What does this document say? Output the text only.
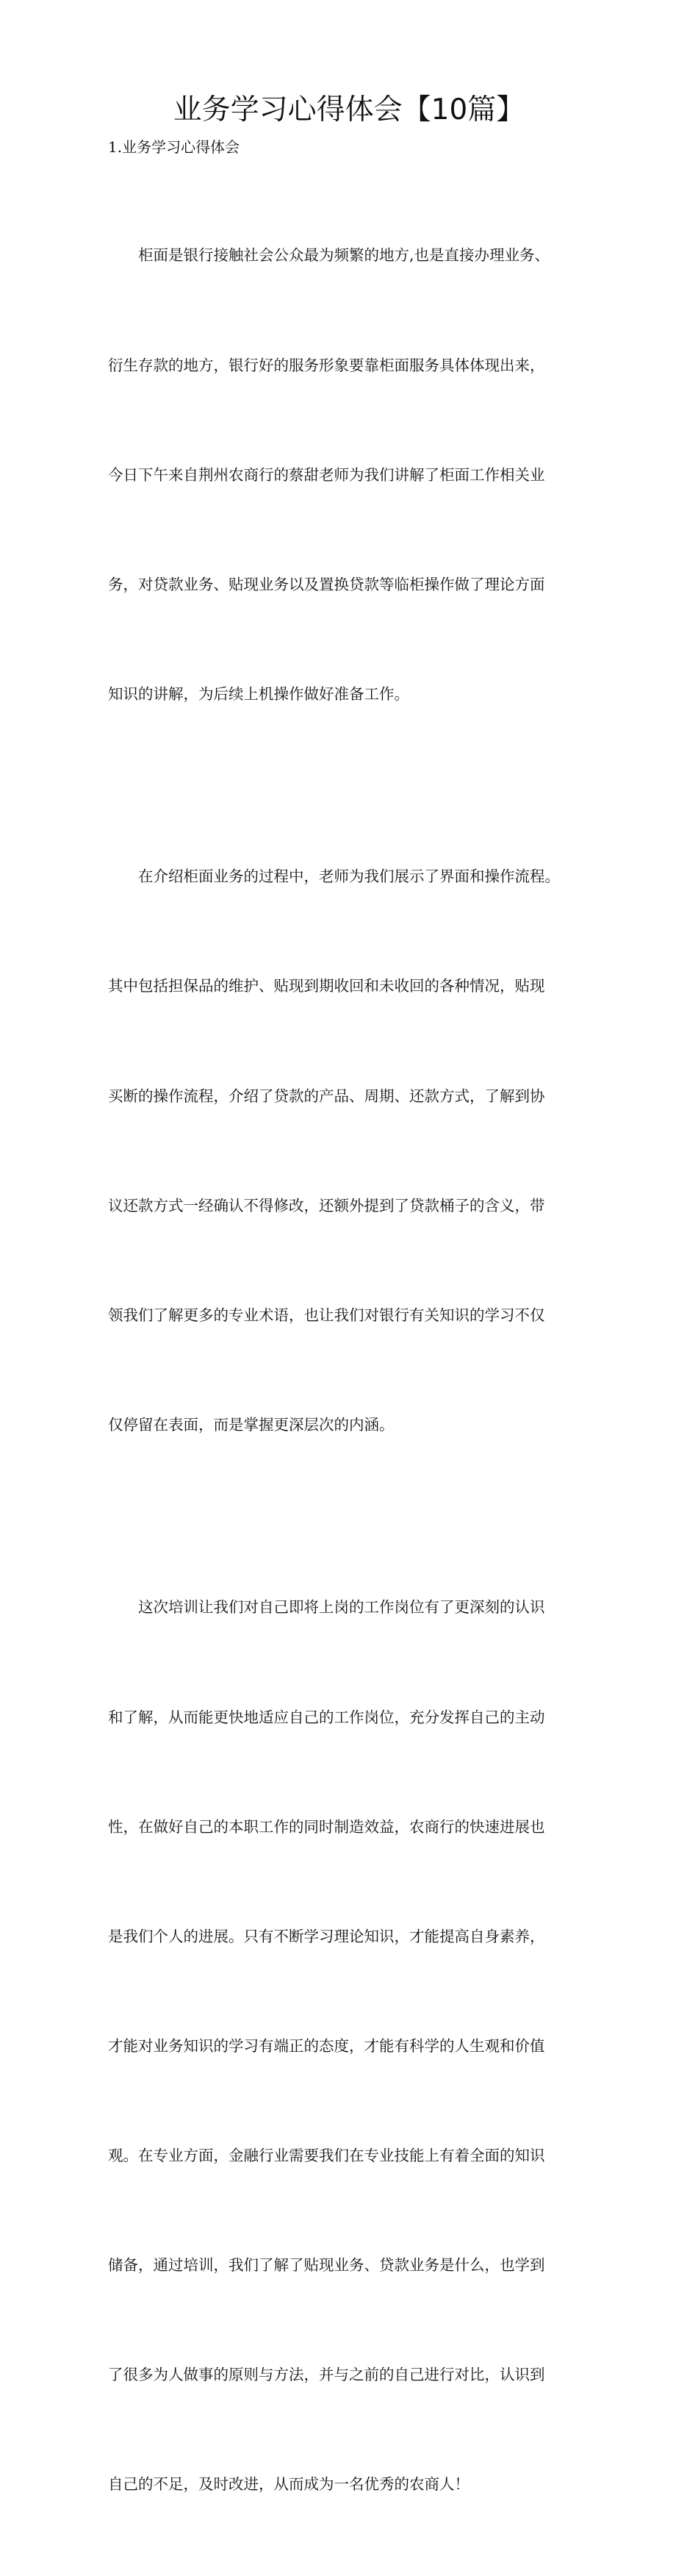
业务学习心得体会【10篇】
1.业务学习心得体会

柜面是银行接触社会公众最为频繁的地方,也是直接办理业务、

衍生存款的地方，银行好的服务形象要靠柜面服务具体体现出来，

今日下午来自荆州农商行的蔡甜老师为我们讲解了柜面工作相关业

务，对贷款业务、贴现业务以及置换贷款等临柜操作做了理论方面

知识的讲解，为后续上机操作做好准备工作。

在介绍柜面业务的过程中，老师为我们展示了界面和操作流程。

其中包括担保品的维护、贴现到期收回和未收回的各种情况，贴现

买断的操作流程，介绍了贷款的产品、周期、还款方式，了解到协

议还款方式一经确认不得修改，还额外提到了贷款桶子的含义，带

领我们了解更多的专业术语，也让我们对银行有关知识的学习不仅

仅停留在表面，而是掌握更深层次的内涵。

这次培训让我们对自己即将上岗的工作岗位有了更深刻的认识

和了解，从而能更快地适应自己的工作岗位，充分发挥自己的主动

性，在做好自己的本职工作的同时制造效益，农商行的快速进展也

是我们个人的进展。只有不断学习理论知识，才能提高自身素养，

才能对业务知识的学习有端正的态度，才能有科学的人生观和价值

观。在专业方面，金融行业需要我们在专业技能上有着全面的知识

储备，通过培训，我们了解了贴现业务、贷款业务是什么，也学到

了很多为人做事的原则与方法，并与之前的自己进行对比，认识到

自己的不足，及时改进，从而成为一名优秀的农商人！
